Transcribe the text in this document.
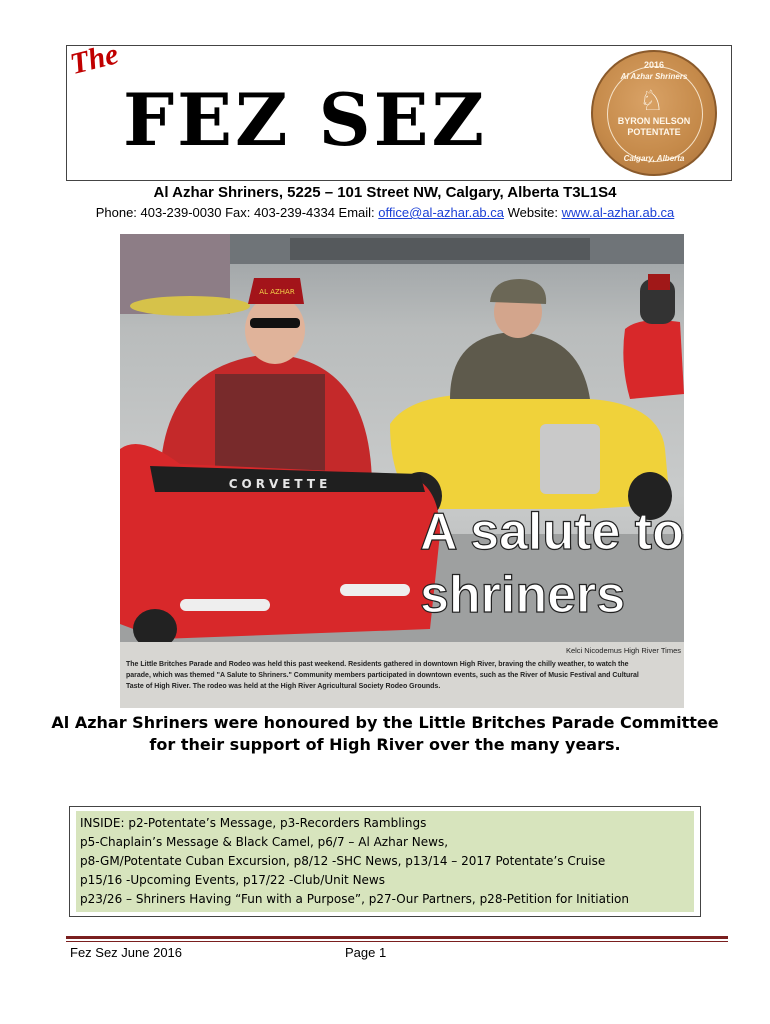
The
FEZ SEZ
2016
Al Azhar Shriners
♘
BYRON NELSON
POTENTATE
Calgary, Alberta
Al Azhar Shriners, 5225 – 101 Street NW, Calgary, Alberta T3L1S4
Phone: 403-239-0030 Fax: 403-239-4334 Email: office@al-azhar.ab.ca Website: www.al-azhar.ab.ca
AL AZHAR
CORVETTE
A salute to
shriners
Kelci Nicodemus High River Times
The Little Britches Parade and Rodeo was held this past weekend. Residents gathered in downtown High River, braving the chilly weather, to watch the
parade, which was themed "A Salute to Shriners." Community members participated in downtown events, such as the River of Music Festival and Cultural
Taste of High River. The rodeo was held at the High River Agricultural Society Rodeo Grounds.
Al Azhar Shriners were honoured by the Little Britches Parade Committee
for their support of High River over the many years.
INSIDE: p2-Potentate’s Message, p3-Recorders Ramblings
p5-Chaplain’s Message & Black Camel, p6/7 – Al Azhar News,
p8-GM/Potentate Cuban Excursion, p8/12 -SHC News, p13/14 – 2017 Potentate’s Cruise
p15/16 -Upcoming Events, p17/22 -Club/Unit News
p23/26 – Shriners Having “Fun with a Purpose”, p27-Our Partners, p28-Petition for Initiation
Fez Sez June 2016	Page 1
